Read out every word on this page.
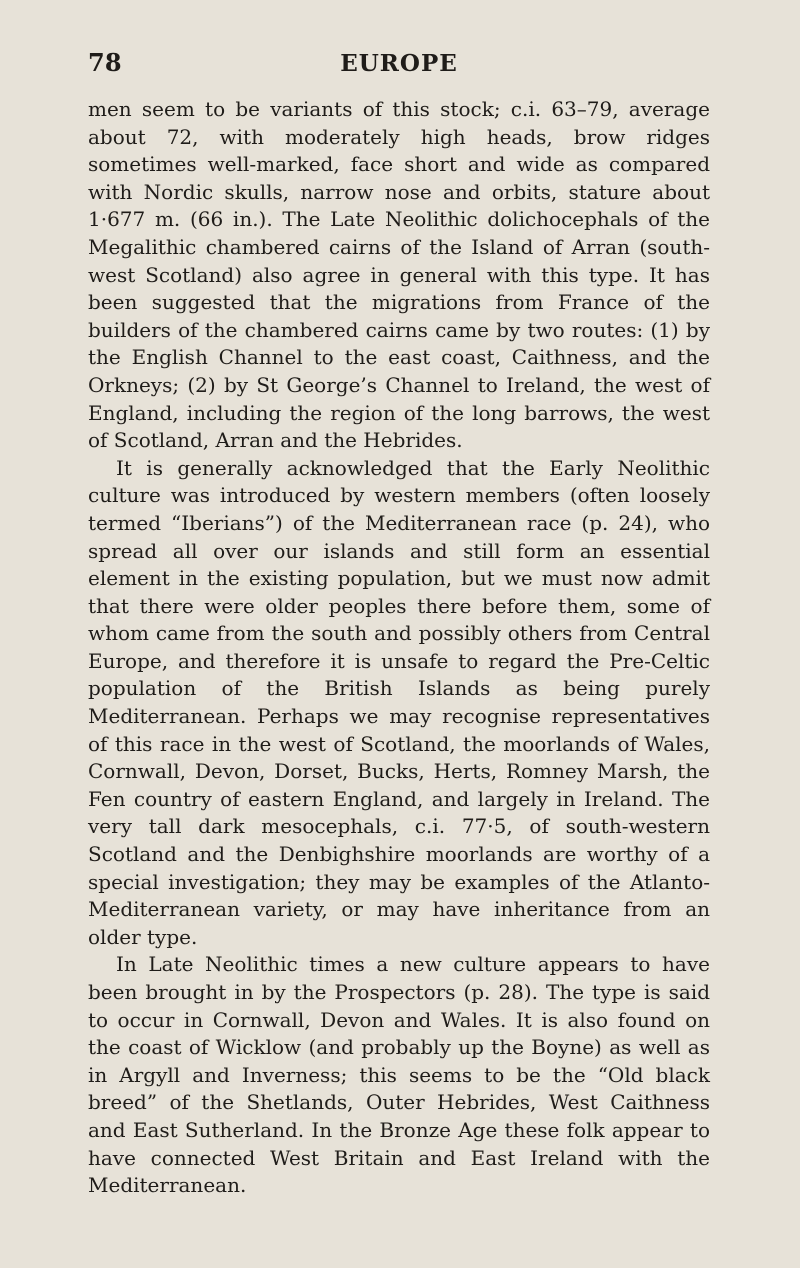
78	EUROPE

men seem to be variants of this stock; c.i. 63–79, average about 72, with moderately high heads, brow ridges sometimes well-marked, face short and wide as compared with Nordic skulls, narrow nose and orbits, stature about 1·677 m. (66 in.). The Late Neolithic dolichocephals of the Megalithic chambered cairns of the Island of Arran (south-west Scotland) also agree in general with this type. It has been suggested that the migrations from France of the builders of the chambered cairns came by two routes: (1) by the English Channel to the east coast, Caithness, and the Orkneys; (2) by St George’s Channel to Ireland, the west of England, including the region of the long barrows, the west of Scotland, Arran and the Hebrides.

It is generally acknowledged that the Early Neolithic culture was introduced by western members (often loosely termed “Iberians”) of the Mediterranean race (p. 24), who spread all over our islands and still form an essential element in the existing population, but we must now admit that there were older peoples there before them, some of whom came from the south and possibly others from Central Europe, and therefore it is unsafe to regard the Pre-Celtic population of the British Islands as being purely Mediterranean. Perhaps we may recognise representatives of this race in the west of Scotland, the moorlands of Wales, Cornwall, Devon, Dorset, Bucks, Herts, Romney Marsh, the Fen country of eastern England, and largely in Ireland. The very tall dark mesocephals, c.i. 77·5, of south-western Scotland and the Denbighshire moorlands are worthy of a special investigation; they may be examples of the Atlanto-Mediterranean variety, or may have inheritance from an older type.

In Late Neolithic times a new culture appears to have been brought in by the Prospectors (p. 28). The type is said to occur in Cornwall, Devon and Wales. It is also found on the coast of Wicklow (and probably up the Boyne) as well as in Argyll and Inverness; this seems to be the “Old black breed” of the Shetlands, Outer Hebrides, West Caithness and East Sutherland. In the Bronze Age these folk appear to have connected West Britain and East Ireland with the Mediterranean.
